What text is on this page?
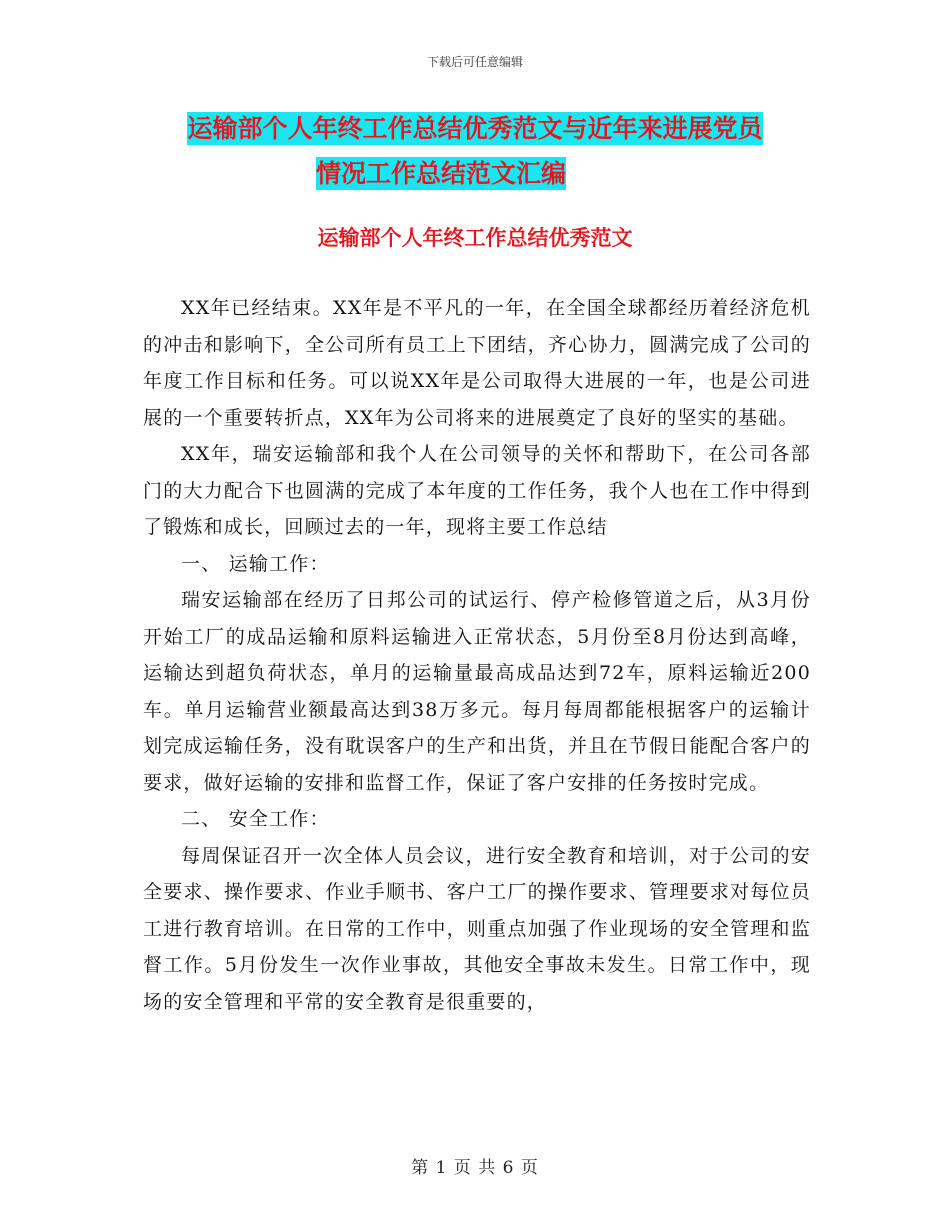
下载后可任意编辑
运输部个人年终工作总结优秀范文与近年来进展党员
情况工作总结范文汇编
运输部个人年终工作总结优秀范文

XX年已经结束。XX年是不平凡的一年，在全国全球都经历着经济危机的冲击和影响下，全公司所有员工上下团结，齐心协力，圆满完成了公司的年度工作目标和任务。可以说XX年是公司取得大进展的一年，也是公司进展的一个重要转折点，XX年为公司将来的进展奠定了良好的坚实的基础。

XX年，瑞安运输部和我个人在公司领导的关怀和帮助下，在公司各部门的大力配合下也圆满的完成了本年度的工作任务，我个人也在工作中得到了锻炼和成长，回顾过去的一年，现将主要工作总结

一、 运输工作：

瑞安运输部在经历了日邦公司的试运行、停产检修管道之后，从3月份开始工厂的成品运输和原料运输进入正常状态，5月份至8月份达到高峰，运输达到超负荷状态，单月的运输量最高成品达到72车，原料运输近200车。单月运输营业额最高达到38万多元。每月每周都能根据客户的运输计划完成运输任务，没有耽误客户的生产和出货，并且在节假日能配合客户的要求，做好运输的安排和监督工作，保证了客户安排的任务按时完成。

二、 安全工作：

每周保证召开一次全体人员会议，进行安全教育和培训，对于公司的安全要求、操作要求、作业手顺书、客户工厂的操作要求、管理要求对每位员工进行教育培训。在日常的工作中，则重点加强了作业现场的安全管理和监督工作。5月份发生一次作业事故，其他安全事故未发生。日常工作中，现场的安全管理和平常的安全教育是很重要的，

第 1 页 共 6 页
